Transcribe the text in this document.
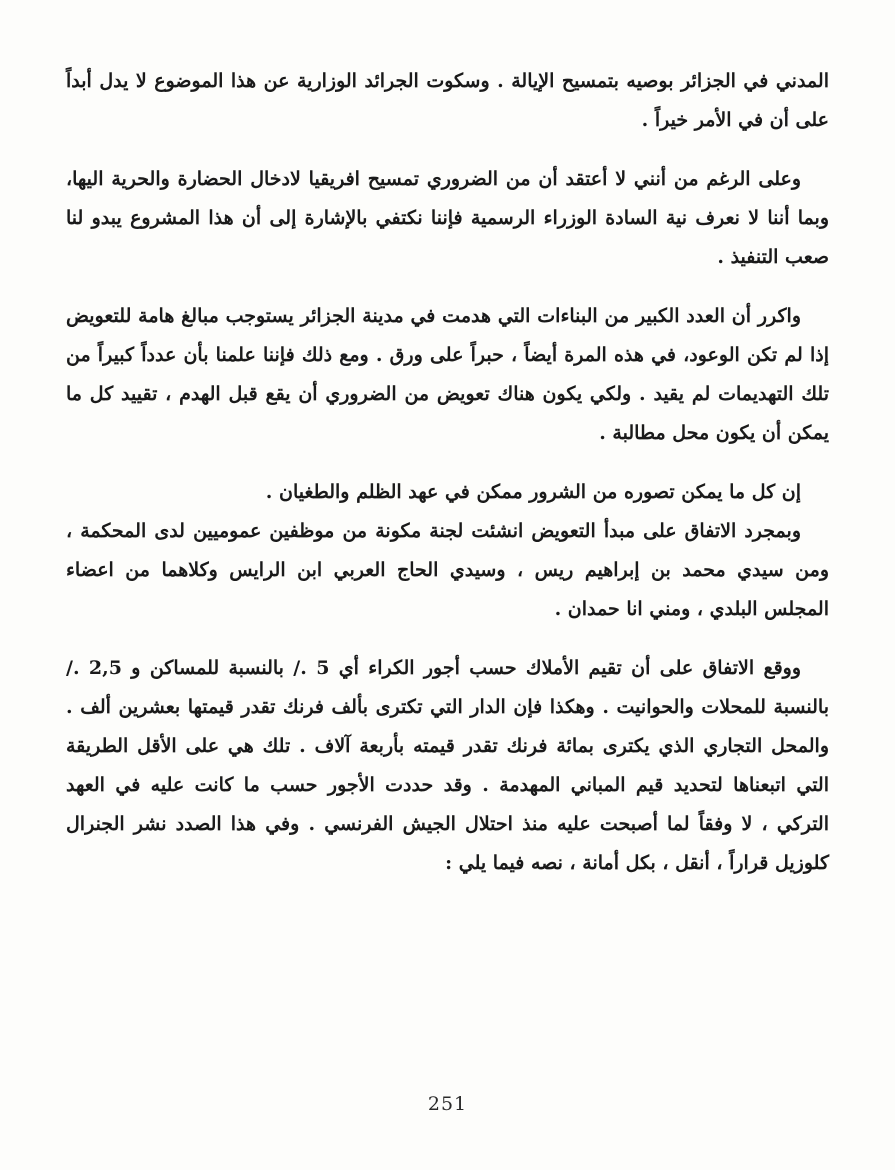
المدني في الجزائر بوصيه بتمسيح الإيالة . وسكوت الجرائد الوزارية عن هذا الموضوع لا يدل أبداً على أن في الأمر خيراً .

وعلى الرغم من أنني لا أعتقد أن من الضروري تمسيح افريقيا لادخال الحضارة والحرية اليها، وبما أننا لا نعرف نية السادة الوزراء الرسمية فإننا نكتفي بالإشارة إلى أن هذا المشروع يبدو لنا صعب التنفيذ .

واكرر أن العدد الكبير من البناءات التي هدمت في مدينة الجزائر يستوجب مبالغ هامة للتعويض إذا لم تكن الوعود، في هذه المرة أيضاً ، حبراً على ورق . ومع ذلك فإننا علمنا بأن عدداً كبيراً من تلك التهديمات لم يقيد . ولكي يكون هناك تعويض من الضروري أن يقع قبل الهدم ، تقييد كل ما يمكن أن يكون محل مطالبة .

إن كل ما يمكن تصوره من الشرور ممكن في عهد الظلم والطغيان .

وبمجرد الاتفاق على مبدأ التعويض انشئت لجنة مكونة من موظفين عموميين لدى المحكمة ، ومن سيدي محمد بن إبراهيم ريس ، وسيدي الحاج العربي ابن الرايس وكلاهما من اعضاء المجلس البلدي ، ومني انا حمدان .

ووقع الاتفاق على أن تقيم الأملاك حسب أجور الكراء أي 5 ./ بالنسبة للمساكن و 2,5 ./ بالنسبة للمحلات والحوانيت . وهكذا فإن الدار التي تكترى بألف فرنك تقدر قيمتها بعشرين ألف . والمحل التجاري الذي يكترى بمائة فرنك تقدر قيمته بأربعة آلاف . تلك هي على الأقل الطريقة التي اتبعناها لتحديد قيم المباني المهدمة . وقد حددت الأجور حسب ما كانت عليه في العهد التركي ، لا وفقاً لما أصبحت عليه منذ احتلال الجيش الفرنسي . وفي هذا الصدد نشر الجنرال كلوزيل قراراً ، أنقل ، بكل أمانة ، نصه فيما يلي :

251
